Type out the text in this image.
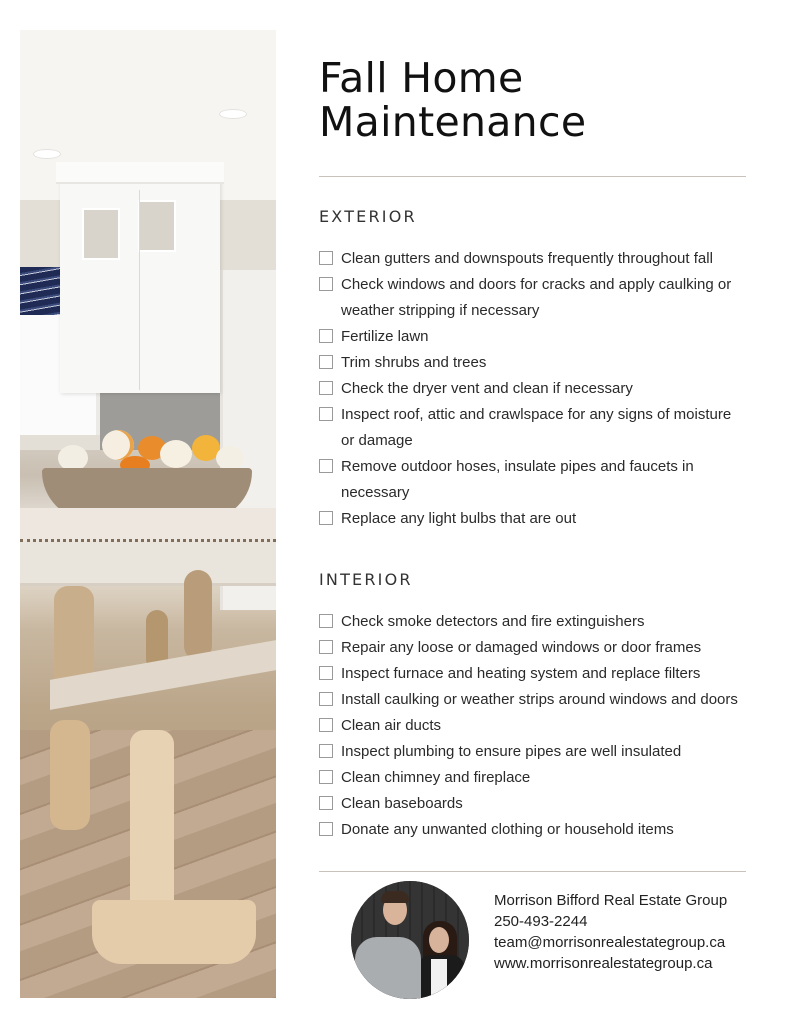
Fall Home
Maintenance
EXTERIOR
Clean gutters and downspouts frequently throughout fall
Check windows and doors for cracks and apply caulking or weather stripping if necessary
Fertilize lawn
Trim shrubs and trees
Check the dryer vent and clean if necessary
Inspect roof, attic and crawlspace for any signs of moisture or damage
Remove outdoor hoses, insulate pipes and faucets in necessary
Replace any light bulbs that are out
INTERIOR
Check smoke detectors and fire extinguishers
Repair any loose or damaged windows or door frames
Inspect furnace and heating system and replace filters
Install caulking or weather strips around windows and doors
Clean air ducts
Inspect plumbing to ensure pipes are well insulated
Clean chimney and fireplace
Clean baseboards
Donate any unwanted clothing or household items
Morrison Bifford Real Estate Group
250-493-2244
team@morrisonrealestategroup.ca
www.morrisonrealestategroup.ca
